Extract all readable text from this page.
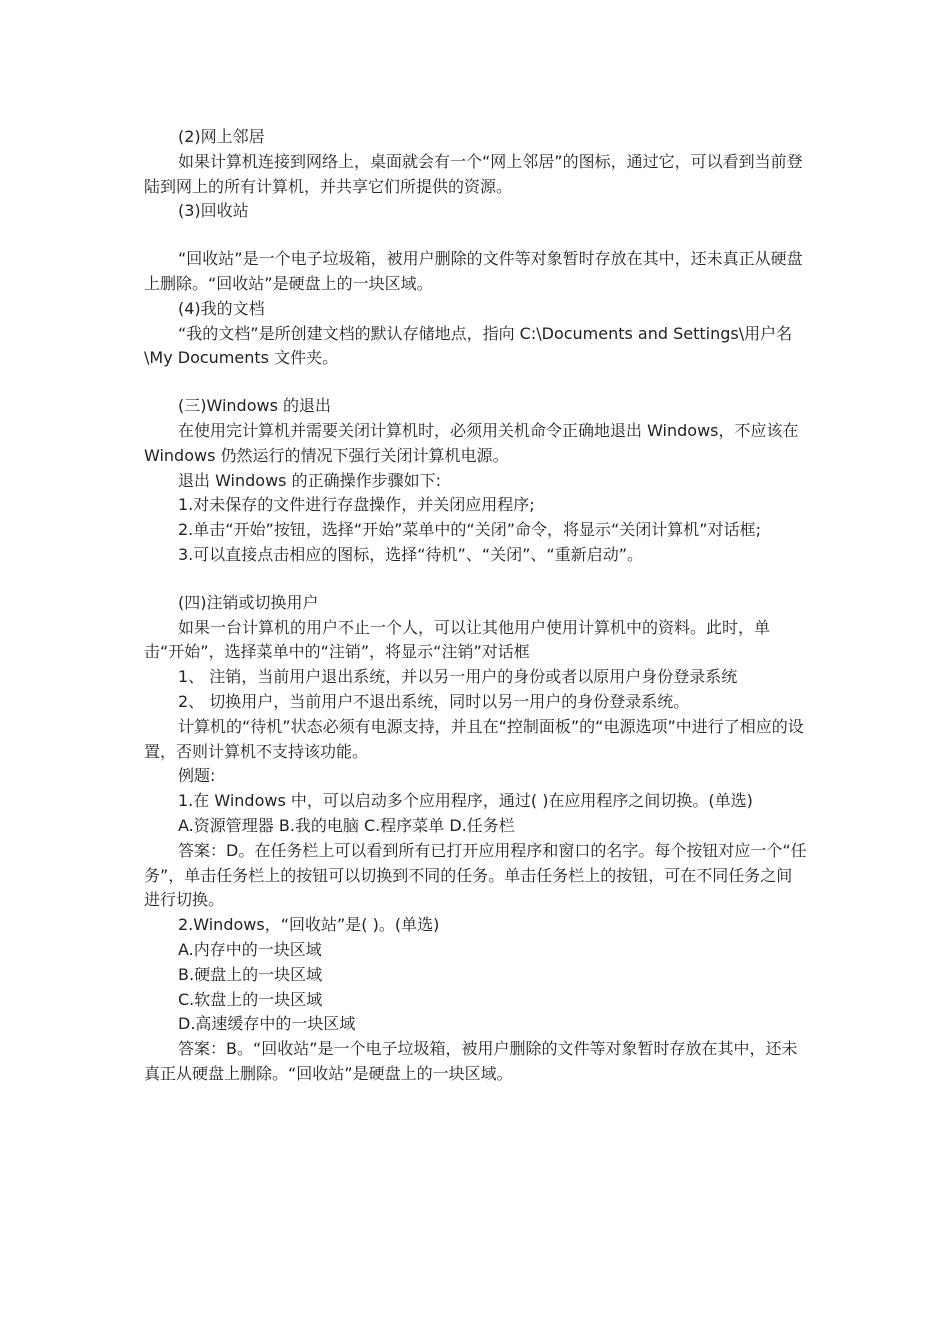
(2)网上邻居

如果计算机连接到网络上，桌面就会有一个“网上邻居”的图标，通过它，可以看到当前登陆到网上的所有计算机，并共享它们所提供的资源。

(3)回收站

“回收站”是一个电子垃圾箱，被用户删除的文件等对象暂时存放在其中，还未真正从硬盘上删除。“回收站”是硬盘上的一块区域。

(4)我的文档

“我的文档”是所创建文档的默认存储地点，指向 C:\Documents and Settings\用户名\My Documents 文件夹。

(三)Windows 的退出

在使用完计算机并需要关闭计算机时，必须用关机命令正确地退出 Windows，不应该在 Windows 仍然运行的情况下强行关闭计算机电源。

退出 Windows 的正确操作步骤如下:

1.对未保存的文件进行存盘操作，并关闭应用程序;

2.单击“开始”按钮，选择“开始”菜单中的“关闭”命令，将显示“关闭计算机”对话框;

3.可以直接点击相应的图标，选择“待机”、“关闭”、“重新启动”。

(四)注销或切换用户

如果一台计算机的用户不止一个人，可以让其他用户使用计算机中的资料。此时，单击“开始”，选择菜单中的“注销”，将显示“注销”对话框

1、 注销，当前用户退出系统，并以另一用户的身份或者以原用户身份登录系统

2、 切换用户，当前用户不退出系统，同时以另一用户的身份登录系统。

计算机的“待机”状态必须有电源支持，并且在“控制面板”的“电源选项”中进行了相应的设置，否则计算机不支持该功能。

例题:

1.在 Windows 中，可以启动多个应用程序，通过( )在应用程序之间切换。(单选)

A.资源管理器 B.我的电脑 C.程序菜单 D.任务栏

答案：D。在任务栏上可以看到所有已打开应用程序和窗口的名字。每个按钮对应一个“任务”，单击任务栏上的按钮可以切换到不同的任务。单击任务栏上的按钮，可在不同任务之间进行切换。

2.Windows，“回收站”是( )。(单选)

A.内存中的一块区域

B.硬盘上的一块区域

C.软盘上的一块区域

D.高速缓存中的一块区域

答案：B。“回收站”是一个电子垃圾箱，被用户删除的文件等对象暂时存放在其中，还未真正从硬盘上删除。“回收站”是硬盘上的一块区域。
